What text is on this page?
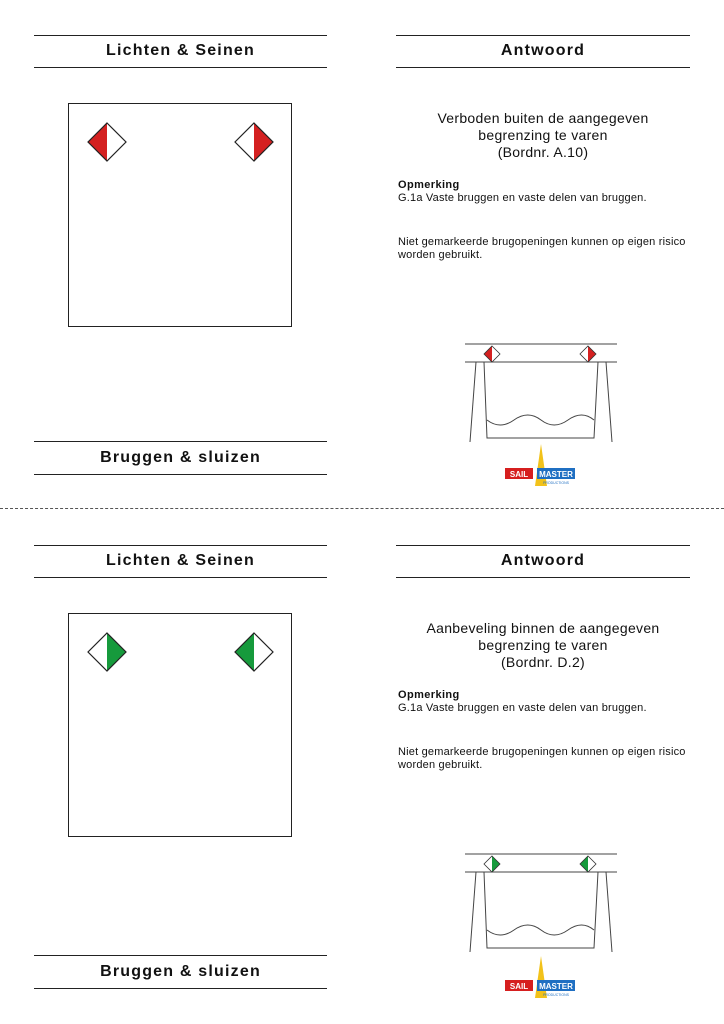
Lichten & Seinen	Antwoord
Verboden buiten de aangegeven
begrenzing te varen
(Bordnr. A.10)
Opmerking
G.1a Vaste bruggen en vaste delen van bruggen.
Niet gemarkeerde brugopeningen kunnen op eigen risico worden gebruikt.
Bruggen & sluizen
SAIL MASTER
PRODUCTIONS
Lichten & Seinen	Antwoord
Aanbeveling binnen de aangegeven
begrenzing te varen
(Bordnr. D.2)
Opmerking
G.1a Vaste bruggen en vaste delen van bruggen.
Niet gemarkeerde brugopeningen kunnen op eigen risico worden gebruikt.
Bruggen & sluizen
SAIL MASTER
PRODUCTIONS
